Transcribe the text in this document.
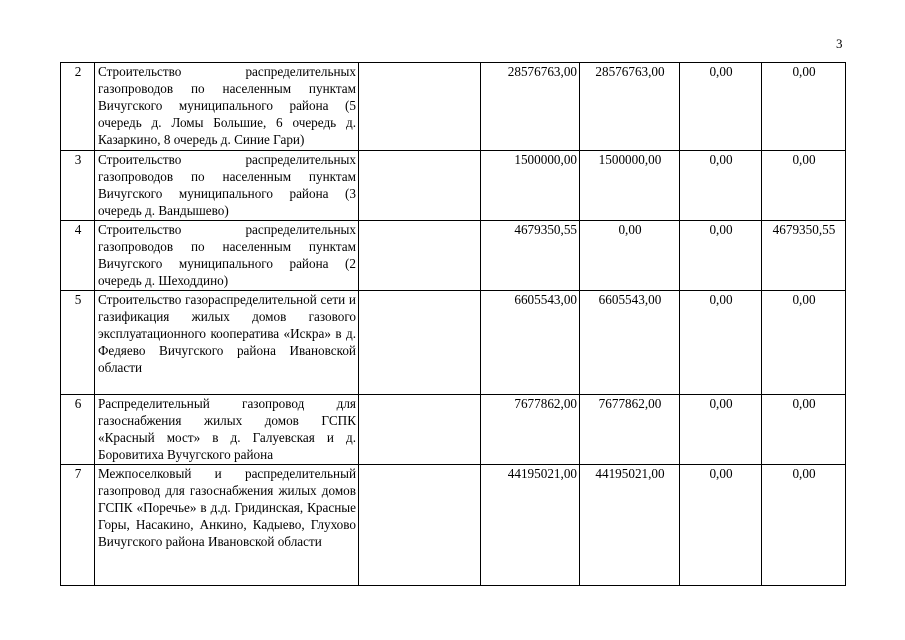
3
2	Строительство распределительных газопроводов по населенным пунктам Вичугского муниципального района (5 очередь д. Ломы Большие, 6 очередь д. Казаркино, 8 очередь д. Синие Гари)		28576763,00	28576763,00	0,00	0,00
3	Строительство распределительных газопроводов по населенным пунктам Вичугского муниципального района (3 очередь д. Вандышево)		1500000,00	1500000,00	0,00	0,00
4	Строительство распределительных газопроводов по населенным пунктам Вичугского муниципального района (2 очередь д. Шеходдино)		4679350,55	0,00	0,00	4679350,55
5	Строительство газораспределительной сети и газификация жилых домов газового эксплуатационного кооператива «Искра» в д. Федяево Вичугского района Ивановской области		6605543,00	6605543,00	0,00	0,00
6	Распределительный газопровод для газоснабжения жилых домов ГСПК «Красный мост» в д. Галуевская и д. Боровитиха Вучугского района		7677862,00	7677862,00	0,00	0,00
7	Межпоселковый и распределительный газопровод для газоснабжения жилых домов ГСПК «Поречье» в д.д. Гридинская, Красные Горы, Насакино, Анкино, Кадыево, Глухово Вичугского района Ивановской области		44195021,00	44195021,00	0,00	0,00
